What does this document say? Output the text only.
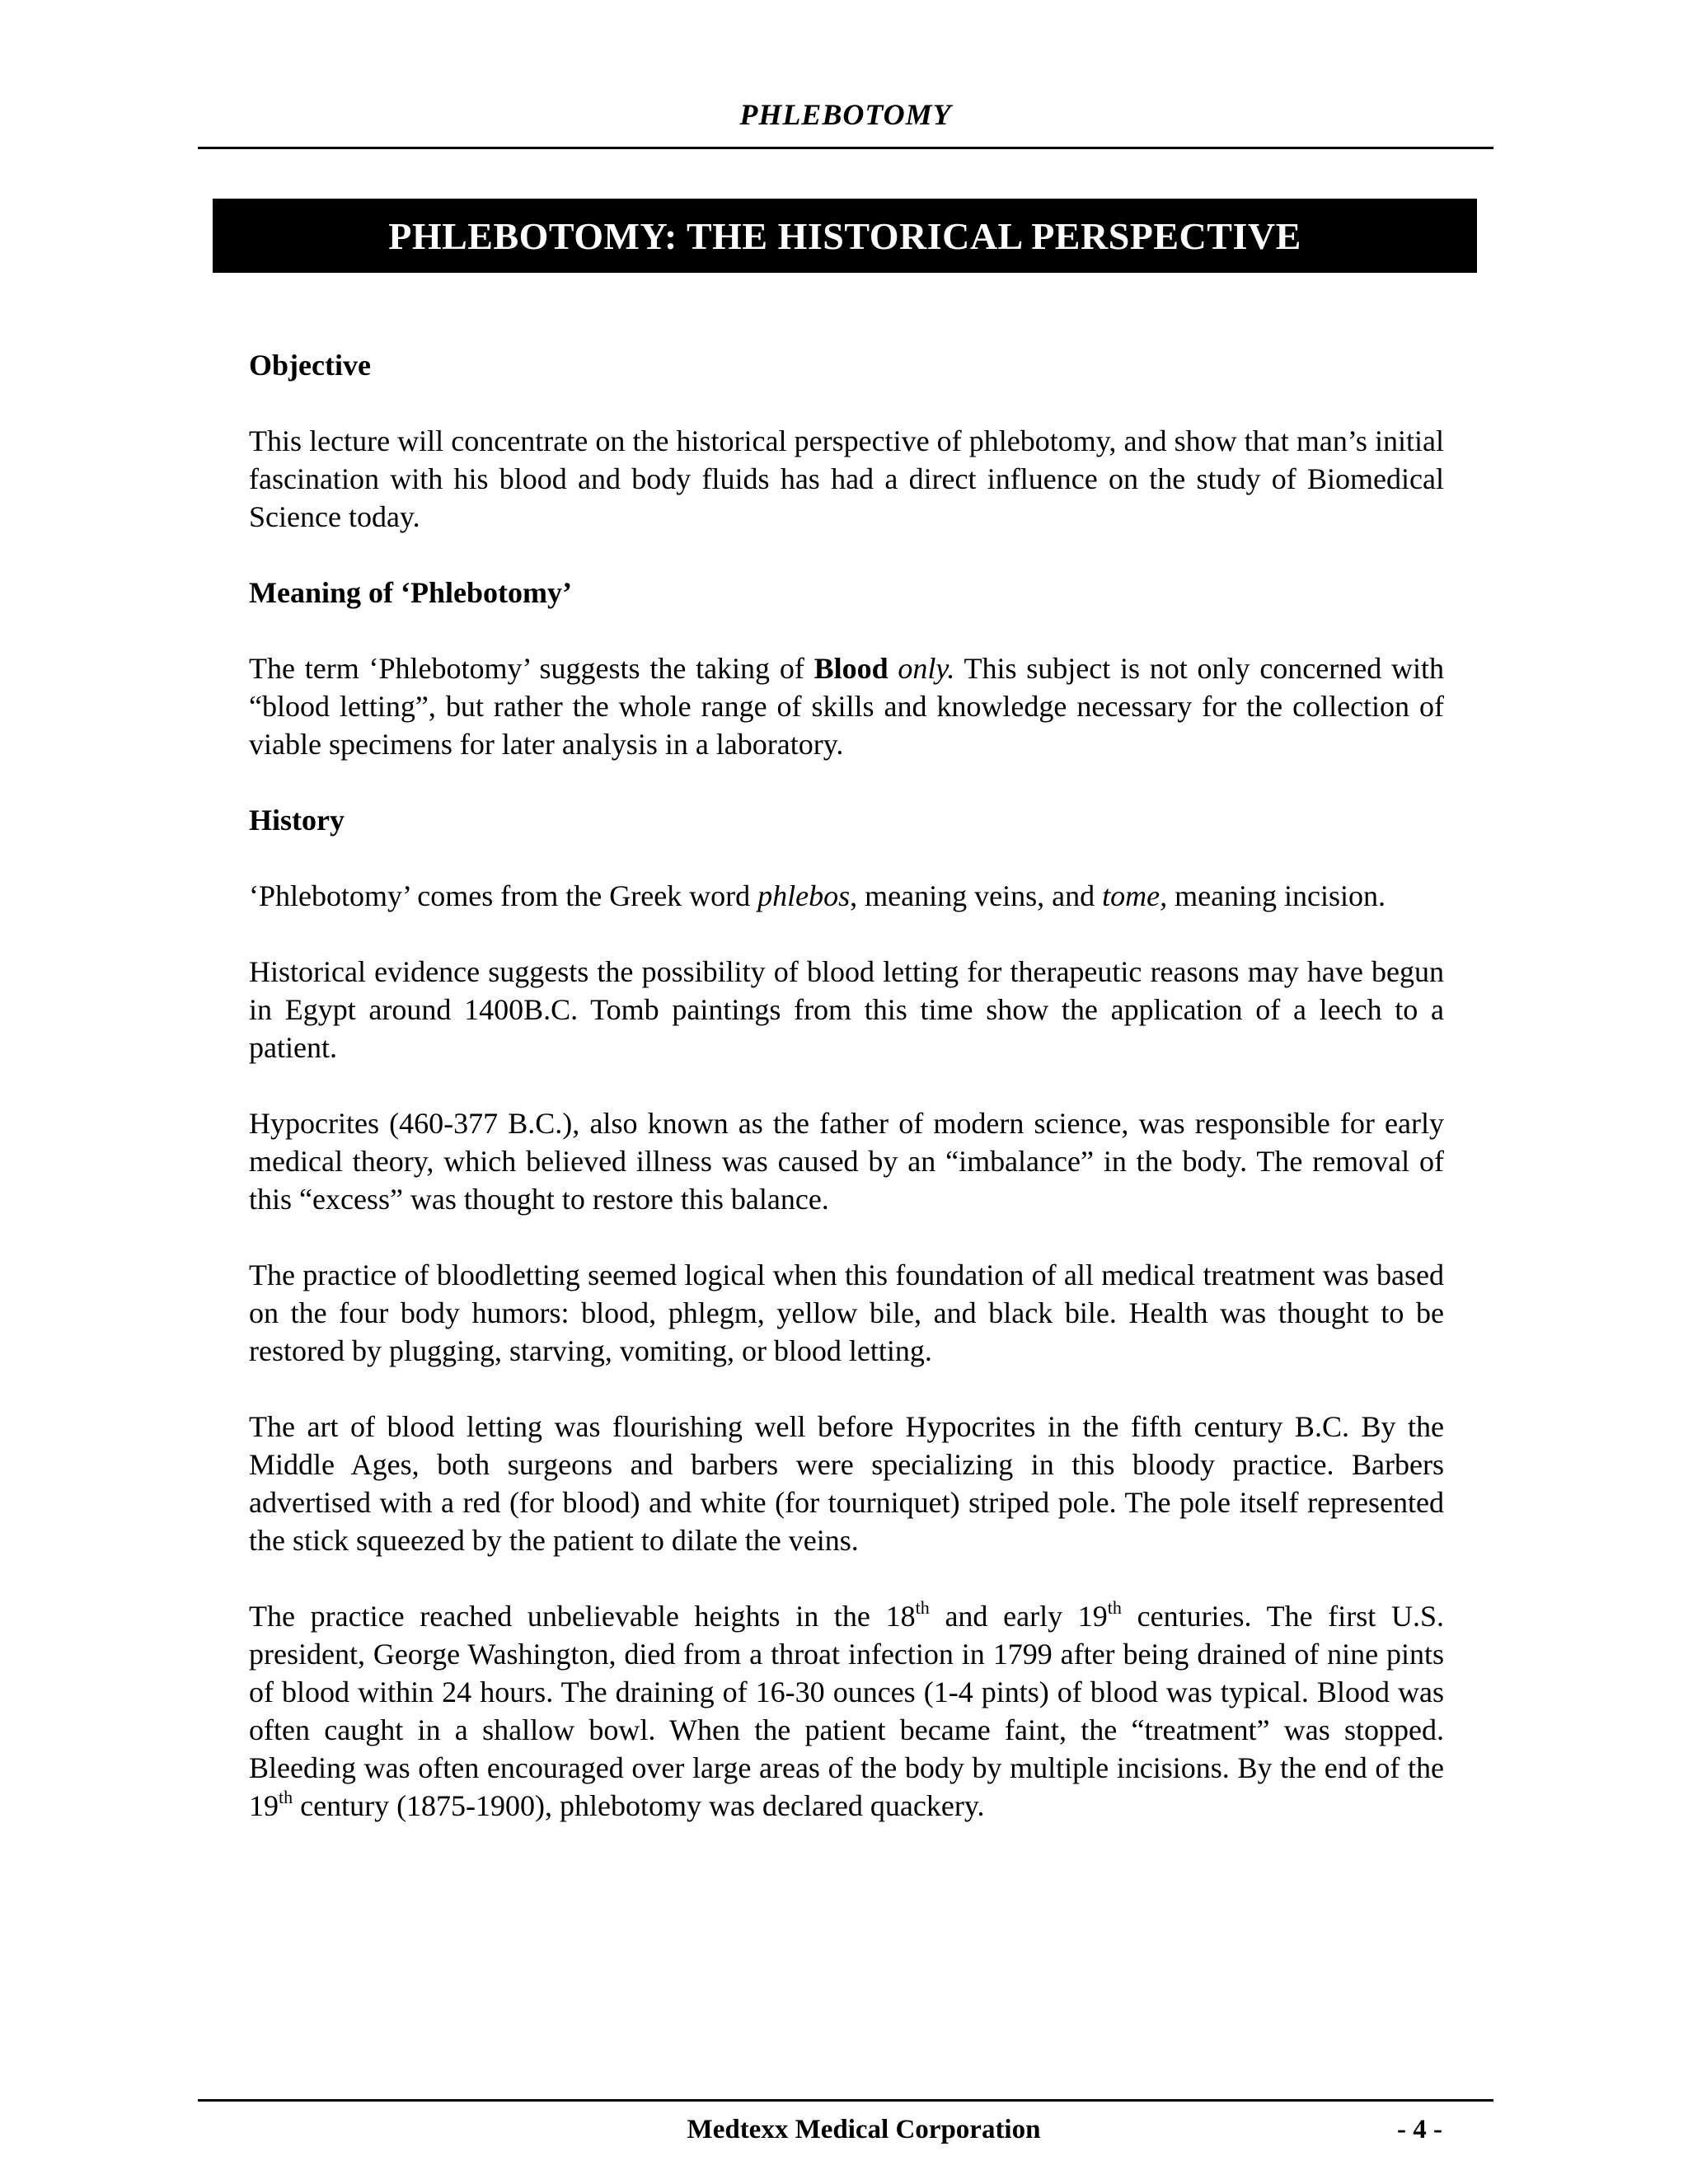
PHLEBOTOMY
PHLEBOTOMY: THE HISTORICAL PERSPECTIVE
Objective

This lecture will concentrate on the historical perspective of phlebotomy, and show that man’s initial fascination with his blood and body fluids has had a direct influence on the study of Biomedical Science today.

Meaning of ‘Phlebotomy’

The term ‘Phlebotomy’ suggests the taking of Blood only. This subject is not only concerned with “blood letting”, but rather the whole range of skills and knowledge necessary for the collection of viable specimens for later analysis in a laboratory.

History

‘Phlebotomy’ comes from the Greek word phlebos, meaning veins, and tome, meaning incision.

Historical evidence suggests the possibility of blood letting for therapeutic reasons may have begun in Egypt around 1400B.C. Tomb paintings from this time show the application of a leech to a patient.

Hypocrites (460-377 B.C.), also known as the father of modern science, was responsible for early medical theory, which believed illness was caused by an “imbalance” in the body. The removal of this “excess” was thought to restore this balance.

The practice of bloodletting seemed logical when this foundation of all medical treatment was based on the four body humors: blood, phlegm, yellow bile, and black bile. Health was thought to be restored by plugging, starving, vomiting, or blood letting.

The art of blood letting was flourishing well before Hypocrites in the fifth century B.C. By the Middle Ages, both surgeons and barbers were specializing in this bloody practice. Barbers advertised with a red (for blood) and white (for tourniquet) striped pole. The pole itself represented the stick squeezed by the patient to dilate the veins.

The practice reached unbelievable heights in the 18th and early 19th centuries. The first U.S. president, George Washington, died from a throat infection in 1799 after being drained of nine pints of blood within 24 hours. The draining of 16-30 ounces (1-4 pints) of blood was typical. Blood was often caught in a shallow bowl. When the patient became faint, the “treatment” was stopped. Bleeding was often encouraged over large areas of the body by multiple incisions. By the end of the 19th century (1875-1900), phlebotomy was declared quackery.

Medtexx Medical Corporation	- 4 -
